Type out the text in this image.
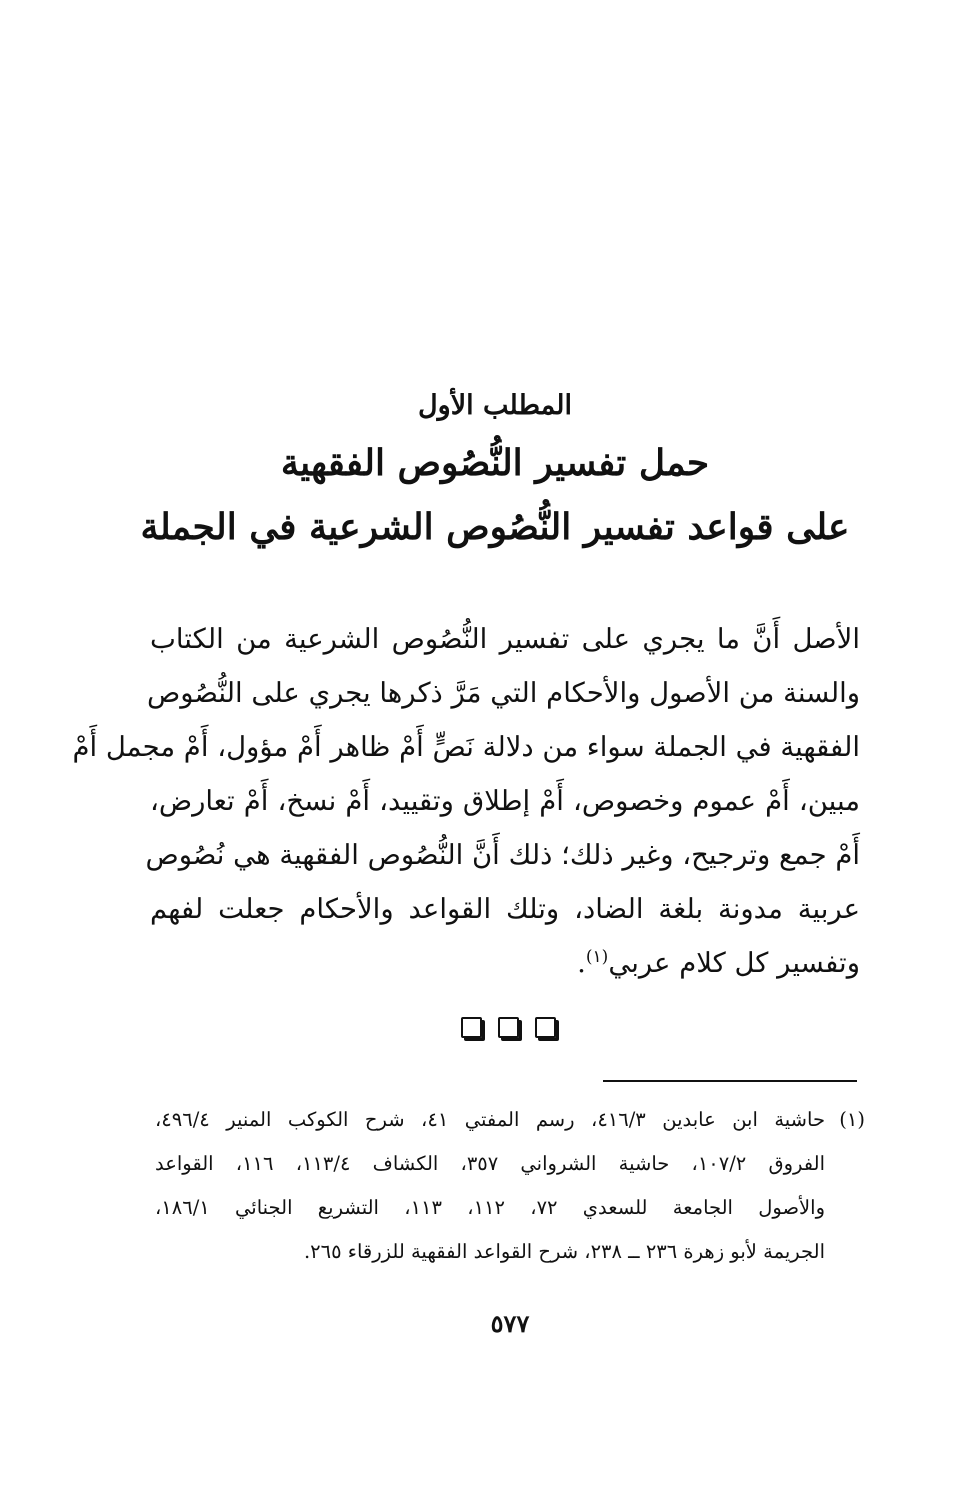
المطلب الأول
حمل تفسير النُّصُوص الفقهية
على قواعد تفسير النُّصُوص الشرعية في الجملة
الأصل أَنَّ ما يجري على تفسير النُّصُوص الشرعية من الكتاب
والسنة من الأصول والأحكام التي مَرَّ ذكرها يجري على النُّصُوص
الفقهية في الجملة سواء من دلالة نَصٍّ أَمْ ظاهر أَمْ مؤول، أَمْ مجمل أَمْ
مبين، أَمْ عموم وخصوص، أَمْ إطلاق وتقييد، أَمْ نسخ، أَمْ تعارض،
أَمْ جمع وترجيح، وغير ذلك؛ ذلك أَنَّ النُّصُوص الفقهية هي نُصُوص
عربية مدونة بلغة الضاد، وتلك القواعد والأحكام جعلت لفهم
وتفسير كل كلام عربي$^{(١)}$.
(١)
حاشية ابن عابدين ٤١٦/٣، رسم المفتي ٤١، شرح الكوكب المنير ٤٩٦/٤،
الفروق ١٠٧/٢، حاشية الشرواني ٣٥٧، الكشاف ١١٣/٤، ١١٦، القواعد
والأصول الجامعة للسعدي ٧٢، ١١٢، ١١٣، التشريع الجنائي ١٨٦/١،
الجريمة لأبو زهرة ٢٣٦ ــ ٢٣٨، شرح القواعد الفقهية للزرقاء ٢٦٥.
٥٧٧
